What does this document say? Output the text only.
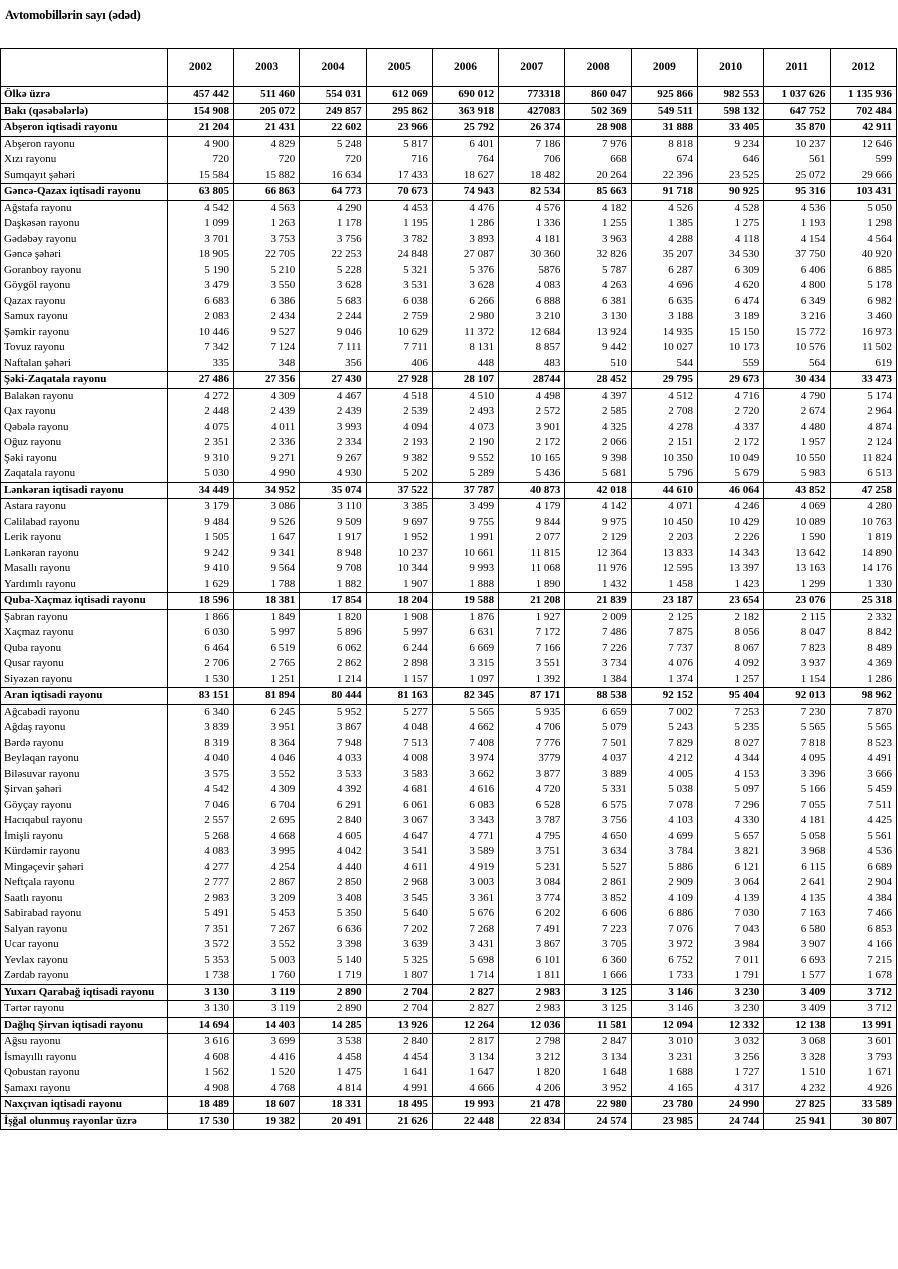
Avtomobillərin sayı (ədəd)
	2002	2003	2004	2005	2006	2007	2008	2009	2010	2011	2012
Ölkə üzrə	457 442	511 460	554 031	612 069	690 012	773318	860 047	925 866	982 553	1 037 626	1 135 936
Bakı (qəsəbələrlə)	154 908	205 072	249 857	295 862	363 918	427083	502 369	549 511	598 132	647 752	702 484
Abşeron iqtisadi rayonu	21 204	21 431	22 602	23 966	25 792	26 374	28 908	31 888	33 405	35 870	42 911
Abşeron rayonu	4 900	4 829	5 248	5 817	6 401	7 186	7 976	8 818	9 234	10 237	12 646
Xızı rayonu	720	720	720	716	764	706	668	674	646	561	599
Sumqayıt şəhəri	15 584	15 882	16 634	17 433	18 627	18 482	20 264	22 396	23 525	25 072	29 666
Gəncə-Qazax iqtisadi rayonu	63 805	66 863	64 773	70 673	74 943	82 534	85 663	91 718	90 925	95 316	103 431
Ağstafa rayonu	4 542	4 563	4 290	4 453	4 476	4 576	4 182	4 526	4 528	4 536	5 050
Daşkəsən rayonu	1 099	1 263	1 178	1 195	1 286	1 336	1 255	1 385	1 275	1 193	1 298
Gədəbəy rayonu	3 701	3 753	3 756	3 782	3 893	4 181	3 963	4 288	4 118	4 154	4 564
Gəncə şəhəri	18 905	22 705	22 253	24 848	27 087	30 360	32 826	35 207	34 530	37 750	40 920
Goranboy rayonu	5 190	5 210	5 228	5 321	5 376	5876	5 787	6 287	6 309	6 406	6 885
Göygöl rayonu	3 479	3 550	3 628	3 531	3 628	4 083	4 263	4 696	4 620	4 800	5 178
Qazax rayonu	6 683	6 386	5 683	6 038	6 266	6 888	6 381	6 635	6 474	6 349	6 982
Samux rayonu	2 083	2 434	2 244	2 759	2 980	3 210	3 130	3 188	3 189	3 216	3 460
Şəmkir rayonu	10 446	9 527	9 046	10 629	11 372	12 684	13 924	14 935	15 150	15 772	16 973
Tovuz rayonu	7 342	7 124	7 111	7 711	8 131	8 857	9 442	10 027	10 173	10 576	11 502
Naftalan şəhəri	335	348	356	406	448	483	510	544	559	564	619
Şəki-Zaqatala rayonu	27 486	27 356	27 430	27 928	28 107	28744	28 452	29 795	29 673	30 434	33 473
Balakən rayonu	4 272	4 309	4 467	4 518	4 510	4 498	4 397	4 512	4 716	4 790	5 174
Qax rayonu	2 448	2 439	2 439	2 539	2 493	2 572	2 585	2 708	2 720	2 674	2 964
Qəbələ rayonu	4 075	4 011	3 993	4 094	4 073	3 901	4 325	4 278	4 337	4 480	4 874
Oğuz rayonu	2 351	2 336	2 334	2 193	2 190	2 172	2 066	2 151	2 172	1 957	2 124
Şəki rayonu	9 310	9 271	9 267	9 382	9 552	10 165	9 398	10 350	10 049	10 550	11 824
Zaqatala rayonu	5 030	4 990	4 930	5 202	5 289	5 436	5 681	5 796	5 679	5 983	6 513
Lənkəran iqtisadi rayonu	34 449	34 952	35 074	37 522	37 787	40 873	42 018	44 610	46 064	43 852	47 258
Astara rayonu	3 179	3 086	3 110	3 385	3 499	4 179	4 142	4 071	4 246	4 069	4 280
Cəlilabad rayonu	9 484	9 526	9 509	9 697	9 755	9 844	9 975	10 450	10 429	10 089	10 763
Lerik rayonu	1 505	1 647	1 917	1 952	1 991	2 077	2 129	2 203	2 226	1 590	1 819
Lənkəran rayonu	9 242	9 341	8 948	10 237	10 661	11 815	12 364	13 833	14 343	13 642	14 890
Masallı rayonu	9 410	9 564	9 708	10 344	9 993	11 068	11 976	12 595	13 397	13 163	14 176
Yardımlı rayonu	1 629	1 788	1 882	1 907	1 888	1 890	1 432	1 458	1 423	1 299	1 330
Quba-Xaçmaz iqtisadi rayonu	18 596	18 381	17 854	18 204	19 588	21 208	21 839	23 187	23 654	23 076	25 318
Şabran rayonu	1 866	1 849	1 820	1 908	1 876	1 927	2 009	2 125	2 182	2 115	2 332
Xaçmaz rayonu	6 030	5 997	5 896	5 997	6 631	7 172	7 486	7 875	8 056	8 047	8 842
Quba rayonu	6 464	6 519	6 062	6 244	6 669	7 166	7 226	7 737	8 067	7 823	8 489
Qusar rayonu	2 706	2 765	2 862	2 898	3 315	3 551	3 734	4 076	4 092	3 937	4 369
Siyəzən rayonu	1 530	1 251	1 214	1 157	1 097	1 392	1 384	1 374	1 257	1 154	1 286
Aran iqtisadi rayonu	83 151	81 894	80 444	81 163	82 345	87 171	88 538	92 152	95 404	92 013	98 962
Ağcabədi rayonu	6 340	6 245	5 952	5 277	5 565	5 935	6 659	7 002	7 253	7 230	7 870
Ağdaş rayonu	3 839	3 951	3 867	4 048	4 662	4 706	5 079	5 243	5 235	5 565	5 565
Bərdə rayonu	8 319	8 364	7 948	7 513	7 408	7 776	7 501	7 829	8 027	7 818	8 523
Beyləqan rayonu	4 040	4 046	4 033	4 008	3 974	3779	4 037	4 212	4 344	4 095	4 491
Biləsuvar rayonu	3 575	3 552	3 533	3 583	3 662	3 877	3 889	4 005	4 153	3 396	3 666
Şirvan şəhəri	4 542	4 309	4 392	4 681	4 616	4 720	5 331	5 038	5 097	5 166	5 459
Göyçay rayonu	7 046	6 704	6 291	6 061	6 083	6 528	6 575	7 078	7 296	7 055	7 511
Hacıqabul rayonu	2 557	2 695	2 840	3 067	3 343	3 787	3 756	4 103	4 330	4 181	4 425
İmişli rayonu	5 268	4 668	4 605	4 647	4 771	4 795	4 650	4 699	5 657	5 058	5 561
Kürdəmir rayonu	4 083	3 995	4 042	3 541	3 589	3 751	3 634	3 784	3 821	3 968	4 536
Mingəçevir şəhəri	4 277	4 254	4 440	4 611	4 919	5 231	5 527	5 886	6 121	6 115	6 689
Neftçala rayonu	2 777	2 867	2 850	2 968	3 003	3 084	2 861	2 909	3 064	2 641	2 904
Saatlı rayonu	2 983	3 209	3 408	3 545	3 361	3 774	3 852	4 109	4 139	4 135	4 384
Sabirabad rayonu	5 491	5 453	5 350	5 640	5 676	6 202	6 606	6 886	7 030	7 163	7 466
Salyan rayonu	7 351	7 267	6 636	7 202	7 268	7 491	7 223	7 076	7 043	6 580	6 853
Ucar rayonu	3 572	3 552	3 398	3 639	3 431	3 867	3 705	3 972	3 984	3 907	4 166
Yevlax rayonu	5 353	5 003	5 140	5 325	5 698	6 101	6 360	6 752	7 011	6 693	7 215
Zərdab rayonu	1 738	1 760	1 719	1 807	1 714	1 811	1 666	1 733	1 791	1 577	1 678
Yuxarı Qarabağ iqtisadi rayonu	3 130	3 119	2 890	2 704	2 827	2 983	3 125	3 146	3 230	3 409	3 712
Tərtər rayonu	3 130	3 119	2 890	2 704	2 827	2 983	3 125	3 146	3 230	3 409	3 712
Dağlıq Şirvan iqtisadi rayonu	14 694	14 403	14 285	13 926	12 264	12 036	11 581	12 094	12 332	12 138	13 991
Ağsu rayonu	3 616	3 699	3 538	2 840	2 817	2 798	2 847	3 010	3 032	3 068	3 601
İsmayıllı rayonu	4 608	4 416	4 458	4 454	3 134	3 212	3 134	3 231	3 256	3 328	3 793
Qobustan rayonu	1 562	1 520	1 475	1 641	1 647	1 820	1 648	1 688	1 727	1 510	1 671
Şamaxı rayonu	4 908	4 768	4 814	4 991	4 666	4 206	3 952	4 165	4 317	4 232	4 926
Naxçıvan iqtisadi rayonu	18 489	18 607	18 331	18 495	19 993	21 478	22 980	23 780	24 990	27 825	33 589
İşğal olunmuş rayonlar üzrə	17 530	19 382	20 491	21 626	22 448	22 834	24 574	23 985	24 744	25 941	30 807
